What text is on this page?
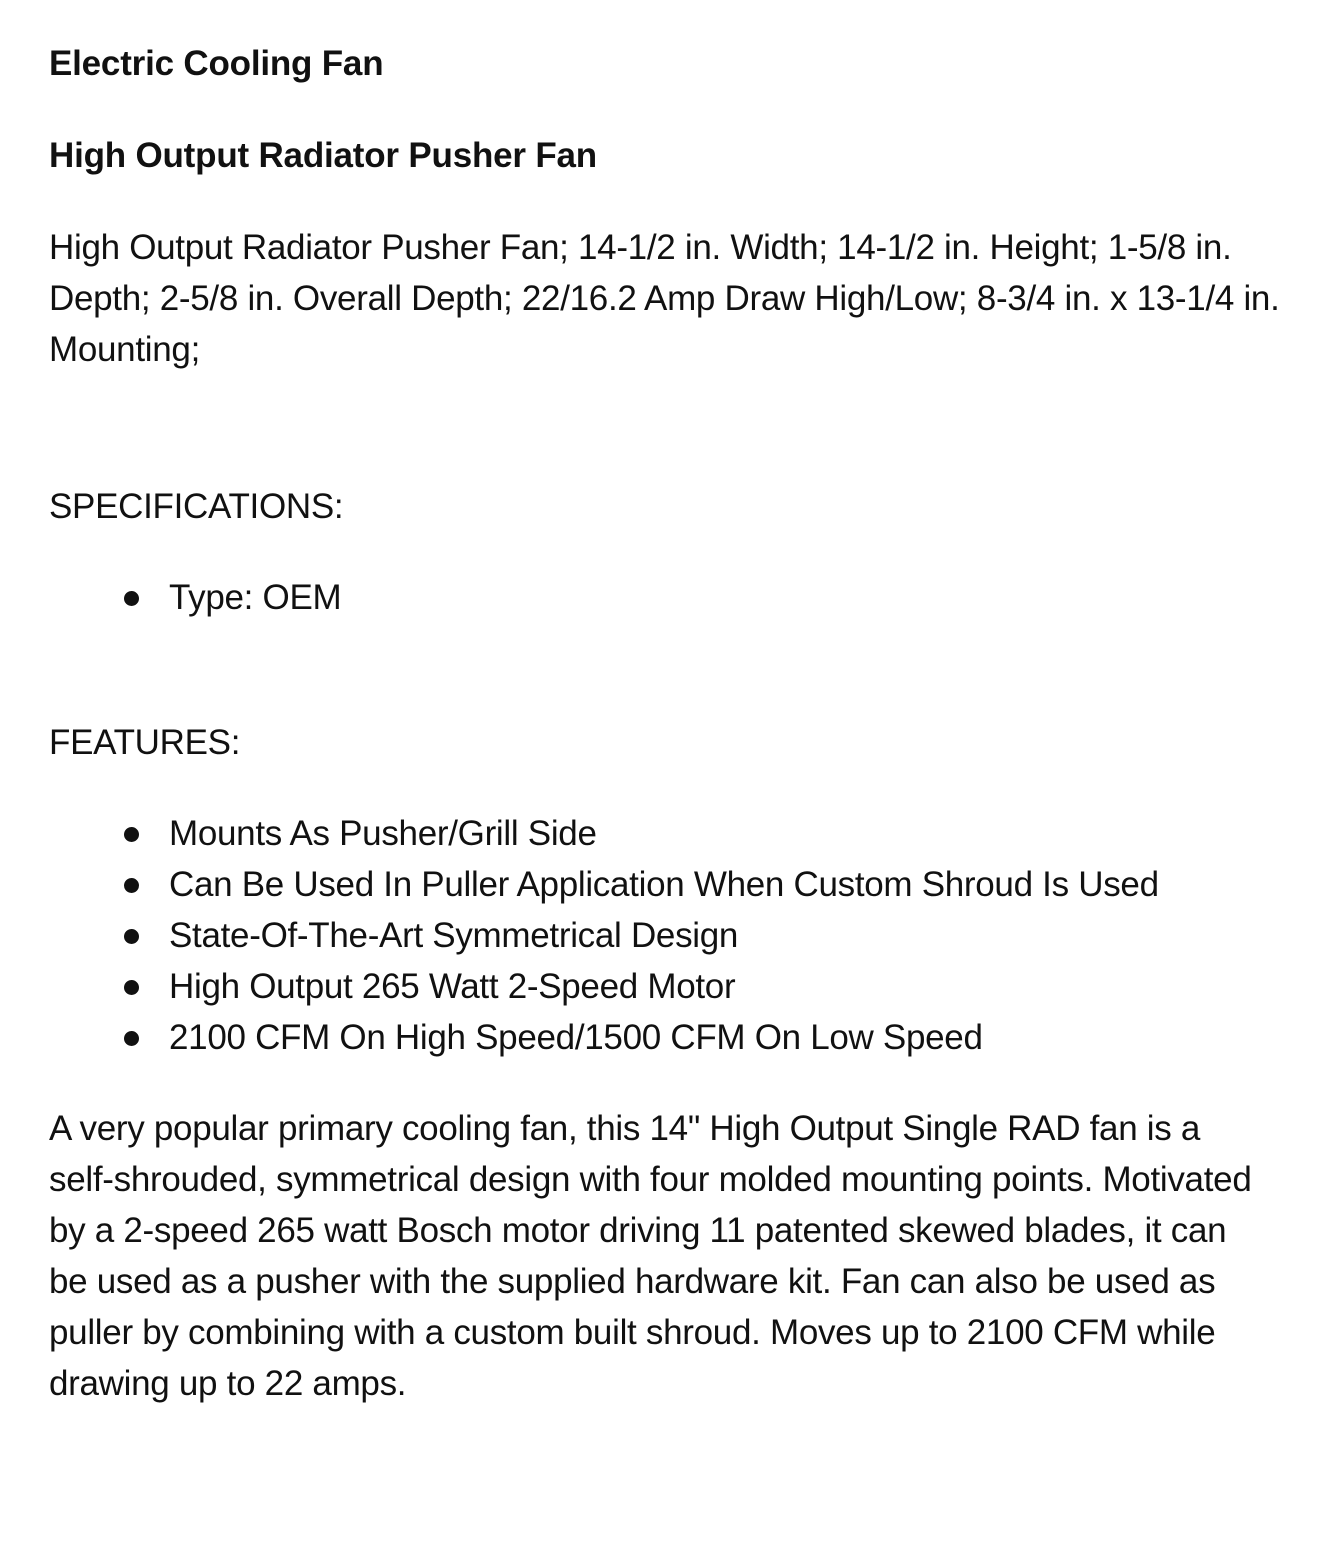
Electric Cooling Fan
High Output Radiator Pusher Fan

High Output Radiator Pusher Fan; 14-1/2 in. Width; 14-1/2 in. Height; 1-5/8 in. Depth; 2-5/8 in. Overall Depth; 22/16.2 Amp Draw High/Low; 8-3/4 in. x 13-1/4 in. Mounting;

SPECIFICATIONS:

Type: OEM

FEATURES:

Mounts As Pusher/Grill Side
Can Be Used In Puller Application When Custom Shroud Is Used
State-Of-The-Art Symmetrical Design
High Output 265 Watt 2-Speed Motor
2100 CFM On High Speed/1500 CFM On Low Speed

A very popular primary cooling fan, this 14" High Output Single RAD fan is a self-shrouded, symmetrical design with four molded mounting points. Motivated by a 2-speed 265 watt Bosch motor driving 11 patented skewed blades, it can be used as a pusher with the supplied hardware kit. Fan can also be used as puller by combining with a custom built shroud. Moves up to 2100 CFM while drawing up to 22 amps.
